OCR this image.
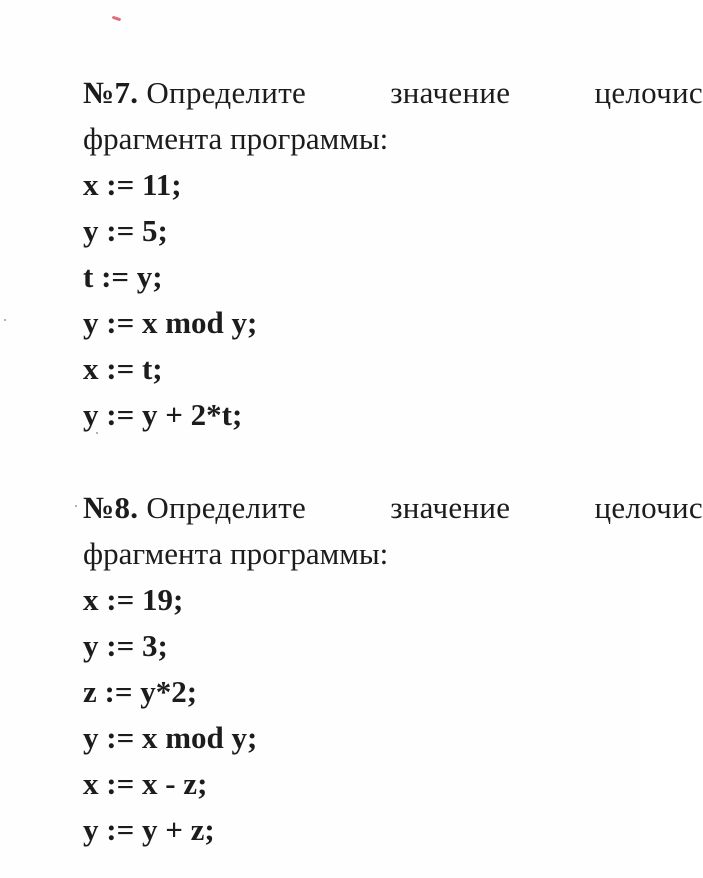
№7. Определите	значение	целочис
фрагмента программы:
x := 11;
y := 5;
t := y;
y := x mod y;
x := t;
y := y + 2*t;
№8. Определите	значение	целочис
фрагмента программы:
x := 19;
y := 3;
z := y*2;
y := x mod y;
x := x - z;
y := y + z;
